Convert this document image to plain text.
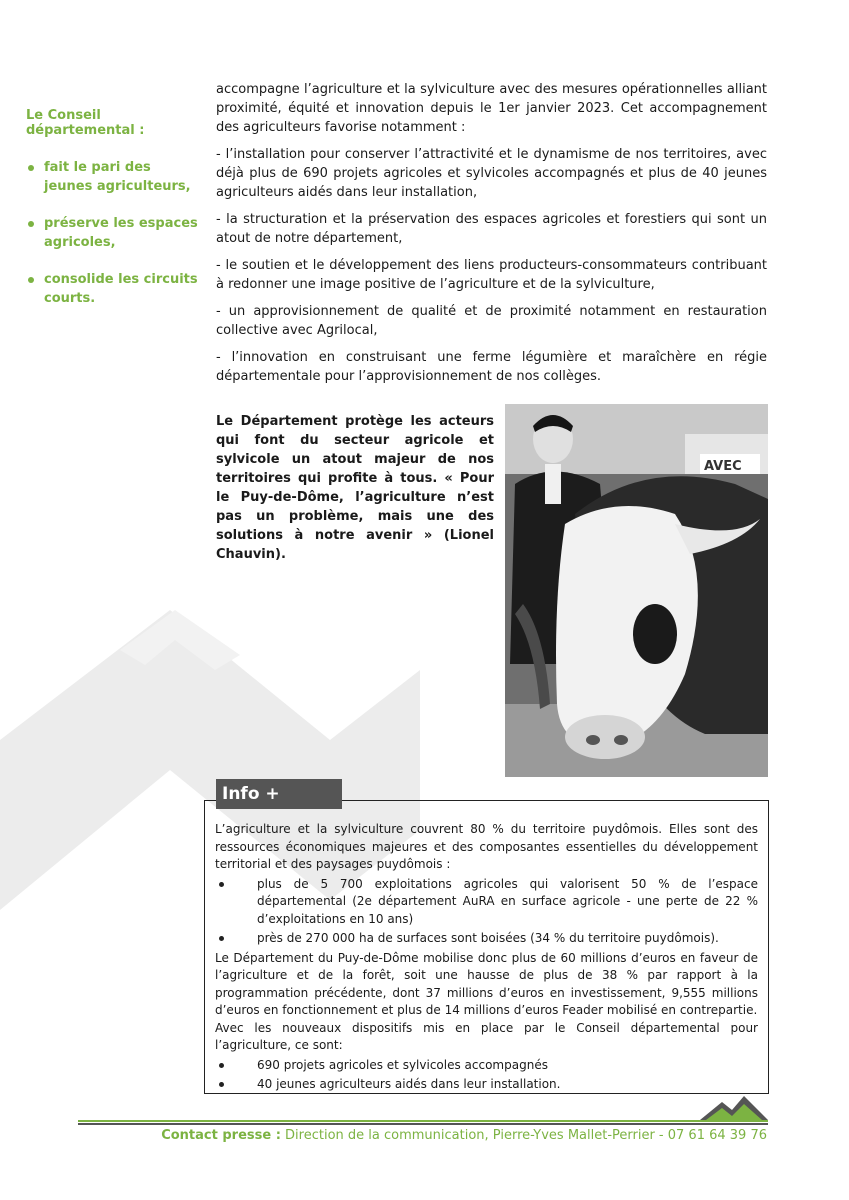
Le Conseil départemental :

fait le pari des jeunes agriculteurs,
préserve les espaces agricoles,
consolide les circuits courts.

accompagne l’agriculture et la sylviculture avec des mesures opérationnelles alliant proximité, équité et innovation depuis le 1er janvier 2023. Cet accompagnement des agriculteurs favorise notamment :

- l’installation pour conserver l’attractivité et le dynamisme de nos territoires, avec déjà plus de 690 projets agricoles et sylvicoles accompagnés et plus de 40 jeunes agriculteurs aidés dans leur installation,

- la structuration et la préservation des espaces agricoles et forestiers qui sont un atout de notre département,

- le soutien et le développement des liens producteurs-consommateurs contribuant à redonner une image positive de l’agriculture et de la sylviculture,

- un approvisionnement de qualité et de proximité notamment en restauration collective avec Agrilocal,

- l’innovation en construisant une ferme légumière et maraîchère en régie départementale pour l’approvisionnement de nos collèges.

Le Département protège les acteurs qui font du secteur agricole et sylvicole un atout majeur de nos territoires qui profite à tous. « Pour le Puy-de-Dôme, l’agriculture n’est pas un problème, mais une des solutions à notre avenir » (Lionel Chauvin).

AVEC

L’agriculture et la sylviculture couvrent 80 % du territoire puydômois. Elles sont des ressources économiques majeures et des composantes essentielles du développement territorial et des paysages puydômois :

plus de 5 700 exploitations agricoles qui valorisent 50 % de l’espace départemental (2e département AuRA en surface agricole - une perte de 22 % d’exploitations en 10 ans)
près de 270 000 ha de surfaces sont boisées (34 % du territoire puydômois).

Le Département du Puy-de-Dôme mobilise donc plus de 60 millions d’euros en faveur de l’agriculture et de la forêt, soit une hausse de plus de 38 % par rapport à la programmation précédente, dont 37 millions d’euros en investissement, 9,555 millions d’euros en fonctionnement et plus de 14 millions d’euros Feader mobilisé en contrepartie.

Avec les nouveaux dispositifs mis en place par le Conseil départemental pour l’agriculture, ce sont:

690 projets agricoles et sylvicoles accompagnés
40 jeunes agriculteurs aidés dans leur installation.
Info +
Contact presse : Direction de la communication, Pierre-Yves Mallet-Perrier - 07 61 64 39 76
